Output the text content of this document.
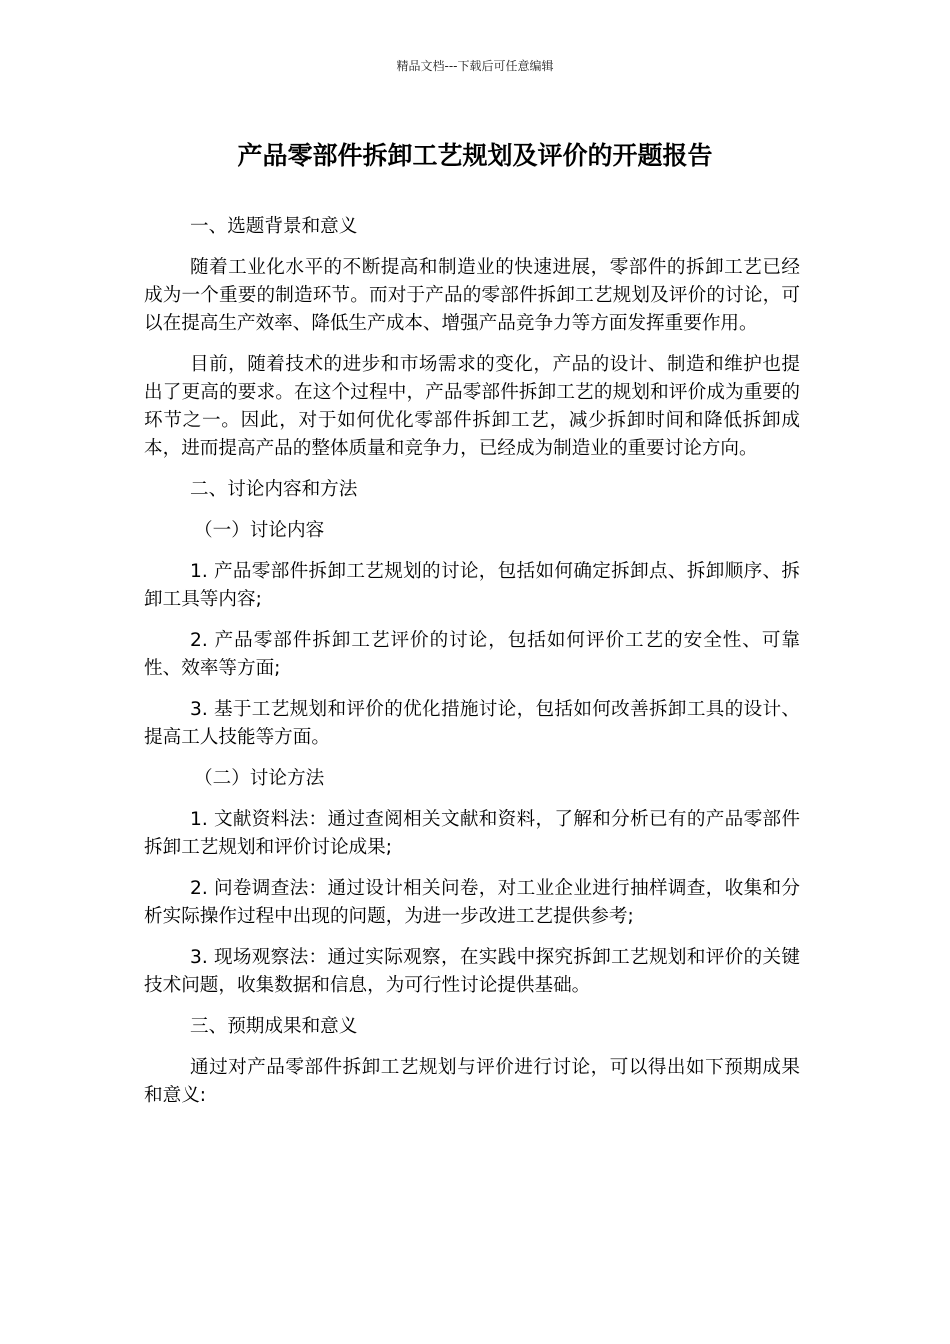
精品文档---下载后可任意编辑
产品零部件拆卸工艺规划及评价的开题报告
一、选题背景和意义
随着工业化水平的不断提高和制造业的快速进展，零部件的拆卸工艺已经成为一个重要的制造环节。而对于产品的零部件拆卸工艺规划及评价的讨论，可以在提高生产效率、降低生产成本、增强产品竞争力等方面发挥重要作用。
目前，随着技术的进步和市场需求的变化，产品的设计、制造和维护也提出了更高的要求。在这个过程中，产品零部件拆卸工艺的规划和评价成为重要的环节之一。因此，对于如何优化零部件拆卸工艺，减少拆卸时间和降低拆卸成本，进而提高产品的整体质量和竞争力，已经成为制造业的重要讨论方向。
二、讨论内容和方法
（一）讨论内容
1. 产品零部件拆卸工艺规划的讨论，包括如何确定拆卸点、拆卸顺序、拆卸工具等内容;
2. 产品零部件拆卸工艺评价的讨论，包括如何评价工艺的安全性、可靠性、效率等方面;
3. 基于工艺规划和评价的优化措施讨论，包括如何改善拆卸工具的设计、提高工人技能等方面。
（二）讨论方法
1. 文献资料法：通过查阅相关文献和资料，了解和分析已有的产品零部件拆卸工艺规划和评价讨论成果;
2. 问卷调查法：通过设计相关问卷，对工业企业进行抽样调查，收集和分析实际操作过程中出现的问题，为进一步改进工艺提供参考;
3. 现场观察法：通过实际观察，在实践中探究拆卸工艺规划和评价的关键技术问题，收集数据和信息，为可行性讨论提供基础。
三、预期成果和意义
通过对产品零部件拆卸工艺规划与评价进行讨论，可以得出如下预期成果和意义:
